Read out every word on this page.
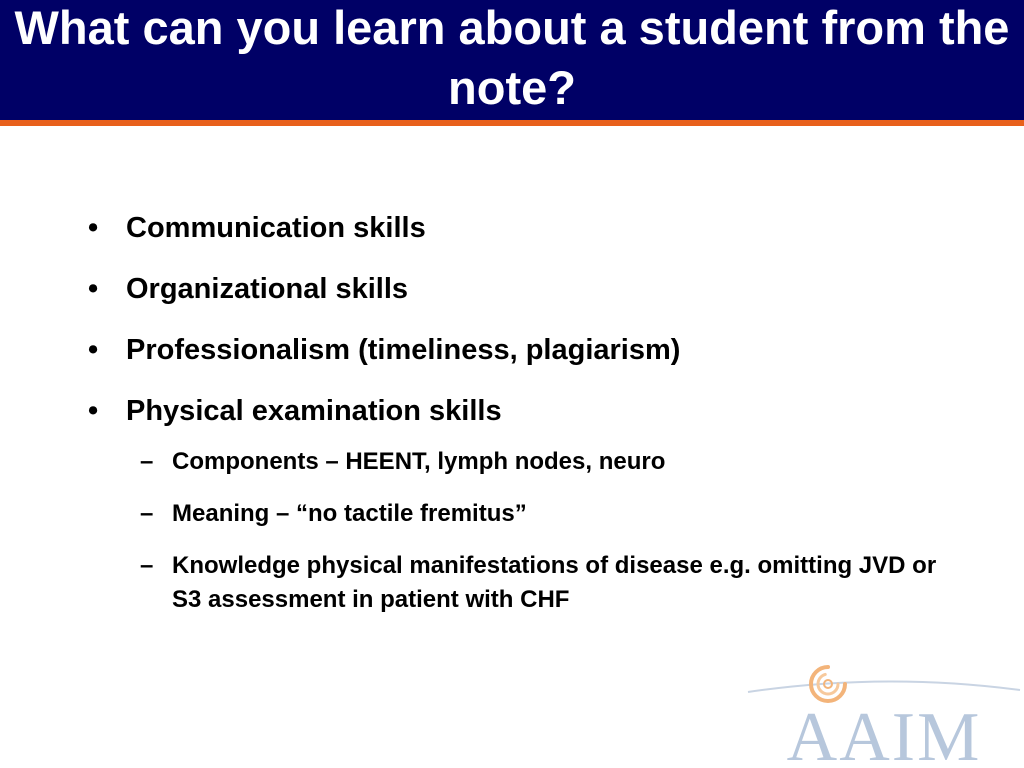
What can you learn about a student from the note?
• Communication skills
• Organizational skills
• Professionalism (timeliness, plagiarism)
• Physical examination skills
– Components – HEENT, lymph nodes, neuro
– Meaning – “no tactile fremitus”
– Knowledge physical manifestations of disease e.g. omitting JVD or S3 assessment in patient with CHF
AAIM
